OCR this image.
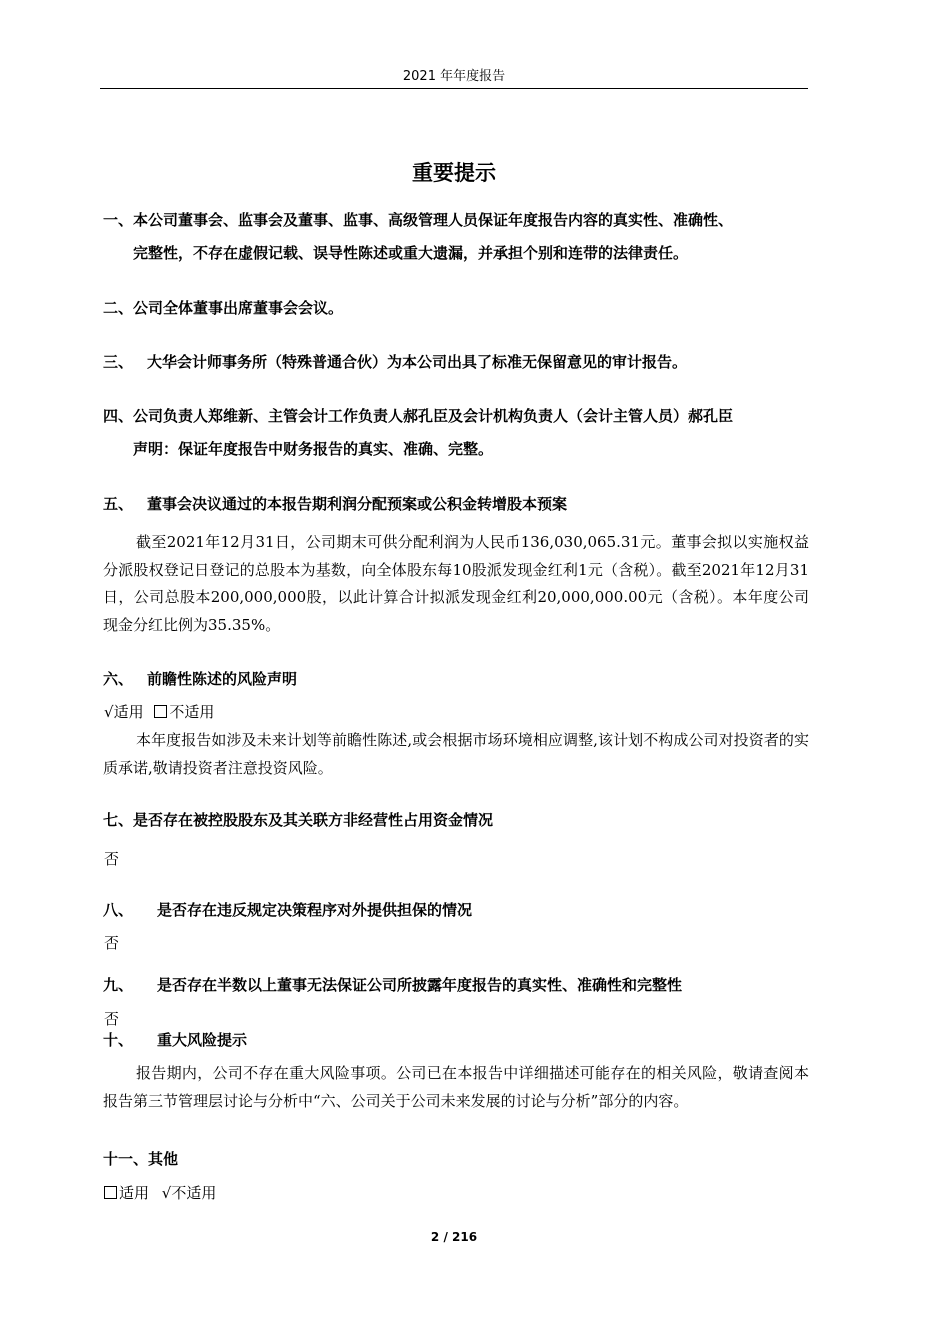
2021 年年度报告
重要提示
一、本公司董事会、监事会及董事、监事、高级管理人员保证年度报告内容的真实性、准确性、
完整性，不存在虚假记载、误导性陈述或重大遗漏，并承担个别和连带的法律责任。
二、公司全体董事出席董事会会议。
三、 大华会计师事务所（特殊普通合伙）为本公司出具了标准无保留意见的审计报告。
四、公司负责人郑维新、主管会计工作负责人郝孔臣及会计机构负责人（会计主管人员）郝孔臣
声明：保证年度报告中财务报告的真实、准确、完整。
五、 董事会决议通过的本报告期利润分配预案或公积金转增股本预案
截至2021年12月31日，公司期末可供分配利润为人民币136,030,065.31元。董事会拟以实施权益分派股权登记日登记的总股本为基数，向全体股东每10股派发现金红利1元（含税）。截至2021年12月31日，公司总股本200,000,000股，以此计算合计拟派发现金红利20,000,000.00元（含税）。本年度公司现金分红比例为35.35%。
六、 前瞻性陈述的风险声明
√适用 不适用
本年度报告如涉及未来计划等前瞻性陈述,或会根据市场环境相应调整,该计划不构成公司对投资者的实质承诺,敬请投资者注意投资风险。
七、是否存在被控股股东及其关联方非经营性占用资金情况
否
八、 是否存在违反规定决策程序对外提供担保的情况
否
九、 是否存在半数以上董事无法保证公司所披露年度报告的真实性、准确性和完整性
否
十、 重大风险提示
报告期内，公司不存在重大风险事项。公司已在本报告中详细描述可能存在的相关风险，敬请查阅本报告第三节管理层讨论与分析中“六、公司关于公司未来发展的讨论与分析”部分的内容。
十一、其他
适用 √不适用
2 / 216
